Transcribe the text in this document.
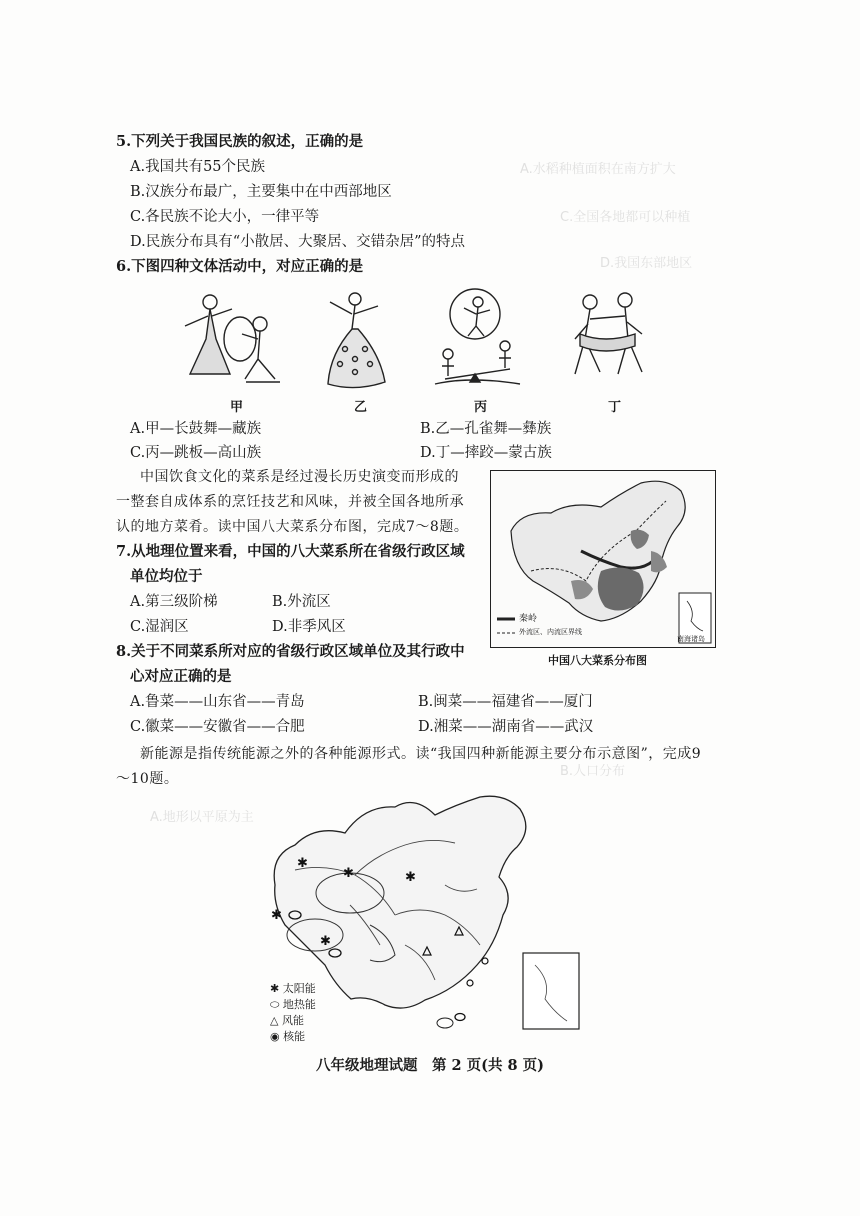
A.水稻种植面积在南方扩大
C.全国各地都可以种植
D.我国东部地区
B.人口分布
A.地形以平原为主
5.下列关于我国民族的叙述，正确的是
A.我国共有55个民族
B.汉族分布最广，主要集中在中西部地区
C.各民族不论大小，一律平等
D.民族分布具有“小散居、大聚居、交错杂居”的特点
6.下图四种文体活动中，对应正确的是
甲	乙	丙	丁
A.甲—长鼓舞—藏族	B.乙—孔雀舞—彝族
C.丙—跳板—高山族	D.丁—摔跤—蒙古族
中国饮食文化的菜系是经过漫长历史演变而形成的
一整套自成体系的烹饪技艺和风味，并被全国各地所承
认的地方菜肴。读中国八大菜系分布图，完成7～8题。
7.从地理位置来看，中国的八大菜系所在省级行政区域
单位均位于
A.第三级阶梯	B.外流区
C.湿润区	D.非季风区
8.关于不同菜系所对应的省级行政区域单位及其行政中
心对应正确的是
A.鲁菜——山东省——青岛	B.闽菜——福建省——厦门
C.徽菜——安徽省——合肥	D.湘菜——湖南省——武汉
秦岭
外流区、内流区界线
南海诸岛
中国八大菜系分布图
新能源是指传统能源之外的各种能源形式。读“我国四种新能源主要分布示意图”，完成9
～10题。
✱
✱	✱
✱
✱
✱ 太阳能
⬭ 地热能
△ 风能
◉ 核能
八年级地理试题　第 2 页(共 8 页)
